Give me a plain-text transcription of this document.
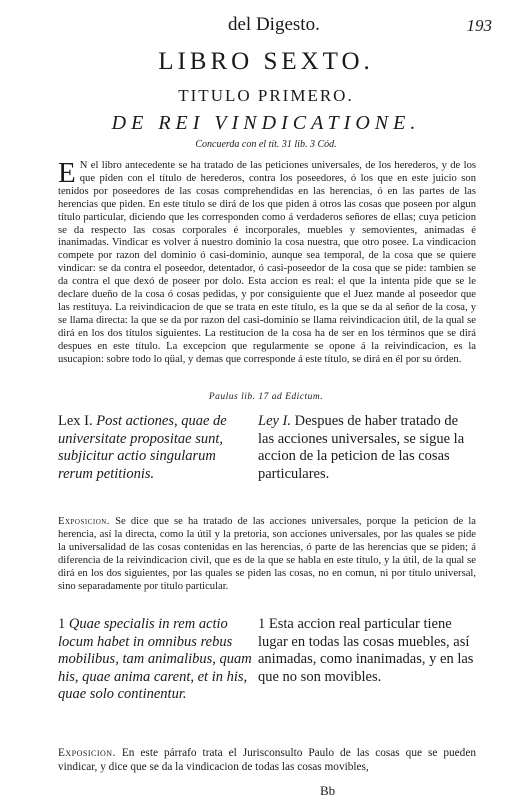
del Digesto.	193
LIBRO SEXTO.
TITULO PRIMERO.
DE REI VINDICATIONE.
Concuerda con el tít. 31 lib. 3 Cód.
E N el libro antecedente se ha tratado de las peticiones universales, de los herederos, y de los que piden con el título de herederos, contra los poseedores, ó los que en este juicio son tenidos por poseedores de las cosas comprehendidas en las herencias, ó en las partes de las herencias que piden. En este título se dirá de los que piden á otros las cosas que poseen por algun título particular, diciendo que les corresponden como á verdaderos señores de ellas; cuya peticion se da respecto las cosas corporales é incorporales, muebles y semovientes, animadas é inanimadas. Vindicar es volver á nuestro dominio la cosa nuestra, que otro posee. La vindicacion compete por razon del dominio ó casi-dominio, aunque sea temporal, de la cosa que se quiere vindicar: se da contra el poseedor, detentador, ó casi-poseedor de la cosa que se pide: tambien se da contra el que dexó de poseer por dolo. Esta accion es real: el que la intenta pide que se le declare dueño de la cosa ó cosas pedidas, y por consiguiente que el Juez mande al poseedor que las restituya. La reivindicacion de que se trata en este título, es la que se da al señor de la cosa, y se llama directa: la que se da por razon del casi-dominio se llama reivindicacion útil, de la qual se dirá en los dos títulos siguientes. La restitucion de la cosa ha de ser en los términos que se dirá despues en este título. La excepcion que regularmente se opone á la reivindicacion, es la usucapion: sobre todo lo qüal, y demas que corresponde á este título, se dirá en él por su órden.
Paulus lib. 17 ad Edictum.
Lex I. Post actiones, quae de universitate propositae sunt, subjicitur actio singularum rerum petitionis.
Ley I. Despues de haber tratado de las acciones universales, se sigue la accion de la peticion de las cosas particulares.
Exposicion. Se dice que se ha tratado de las acciones universales, porque la peticion de la herencia, así la directa, como la útil y la pretoria, son acciones universales, por las quales se pide la universalidad de las cosas contenidas en las herencias, ó parte de las herencias que se piden; á diferencia de la reivindicacion civil, que es de la que se habla en este título, y la útil, de la qual se dirá en los dos siguientes, por las quales se piden las cosas, no en comun, ni por título universal, sino separadamente por título particular.
1 Quae specialis in rem actio locum habet in omnibus rebus mobilibus, tam animalibus, quam his, quae anima carent, et in his, quae solo continentur.
1 Esta accion real particular tiene lugar en todas las cosas muebles, así animadas, como inanimadas, y en las que no son movibles.
Exposicion. En este párrafo trata el Jurisconsulto Paulo de las cosas que se pueden vindicar, y dice que se da la vindicacion de todas las cosas movibles,
Bb
